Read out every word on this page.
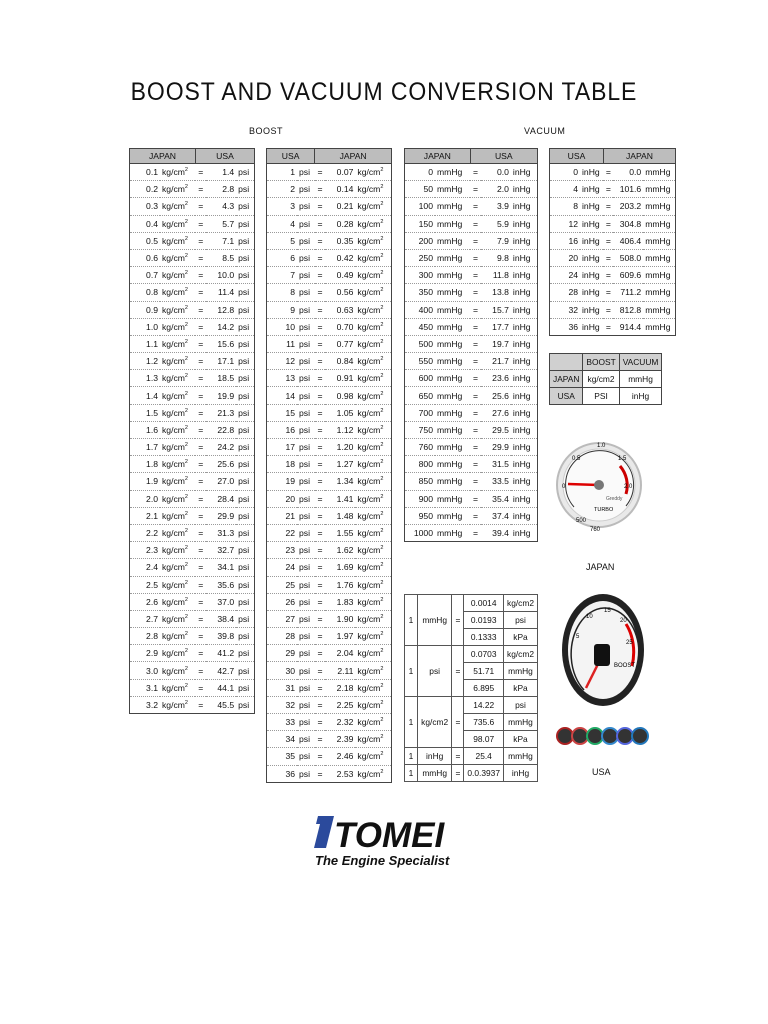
BOOST AND VACUUM CONVERSION TABLE
BOOST	VACUUM
JAPAN		USA		
0.1	$kg/cm^2$	=	1.4	psi
0.2	$kg/cm^2$	=	2.8	psi
0.3	$kg/cm^2$	=	4.3	psi
0.4	$kg/cm^2$	=	5.7	psi
0.5	$kg/cm^2$	=	7.1	psi
0.6	$kg/cm^2$	=	8.5	psi
0.7	$kg/cm^2$	=	10.0	psi
0.8	$kg/cm^2$	=	11.4	psi
0.9	$kg/cm^2$	=	12.8	psi
1.0	$kg/cm^2$	=	14.2	psi
1.1	$kg/cm^2$	=	15.6	psi
1.2	$kg/cm^2$	=	17.1	psi
1.3	$kg/cm^2$	=	18.5	psi
1.4	$kg/cm^2$	=	19.9	psi
1.5	$kg/cm^2$	=	21.3	psi
1.6	$kg/cm^2$	=	22.8	psi
1.7	$kg/cm^2$	=	24.2	psi
1.8	$kg/cm^2$	=	25.6	psi
1.9	$kg/cm^2$	=	27.0	psi
2.0	$kg/cm^2$	=	28.4	psi
2.1	$kg/cm^2$	=	29.9	psi
2.2	$kg/cm^2$	=	31.3	psi
2.3	$kg/cm^2$	=	32.7	psi
2.4	$kg/cm^2$	=	34.1	psi
2.5	$kg/cm^2$	=	35.6	psi
2.6	$kg/cm^2$	=	37.0	psi
2.7	$kg/cm^2$	=	38.4	psi
2.8	$kg/cm^2$	=	39.8	psi
2.9	$kg/cm^2$	=	41.2	psi
3.0	$kg/cm^2$	=	42.7	psi
3.1	$kg/cm^2$	=	44.1	psi
3.2	$kg/cm^2$	=	45.5	psi
USA		JAPAN		
1	psi	=	0.07	$kg/cm^2$
2	psi	=	0.14	$kg/cm^2$
3	psi	=	0.21	$kg/cm^2$
4	psi	=	0.28	$kg/cm^2$
5	psi	=	0.35	$kg/cm^2$
6	psi	=	0.42	$kg/cm^2$
7	psi	=	0.49	$kg/cm^2$
8	psi	=	0.56	$kg/cm^2$
9	psi	=	0.63	$kg/cm^2$
10	psi	=	0.70	$kg/cm^2$
11	psi	=	0.77	$kg/cm^2$
12	psi	=	0.84	$kg/cm^2$
13	psi	=	0.91	$kg/cm^2$
14	psi	=	0.98	$kg/cm^2$
15	psi	=	1.05	$kg/cm^2$
16	psi	=	1.12	$kg/cm^2$
17	psi	=	1.20	$kg/cm^2$
18	psi	=	1.27	$kg/cm^2$
19	psi	=	1.34	$kg/cm^2$
20	psi	=	1.41	$kg/cm^2$
21	psi	=	1.48	$kg/cm^2$
22	psi	=	1.55	$kg/cm^2$
23	psi	=	1.62	$kg/cm^2$
24	psi	=	1.69	$kg/cm^2$
25	psi	=	1.76	$kg/cm^2$
26	psi	=	1.83	$kg/cm^2$
27	psi	=	1.90	$kg/cm^2$
28	psi	=	1.97	$kg/cm^2$
29	psi	=	2.04	$kg/cm^2$
30	psi	=	2.11	$kg/cm^2$
31	psi	=	2.18	$kg/cm^2$
32	psi	=	2.25	$kg/cm^2$
33	psi	=	2.32	$kg/cm^2$
34	psi	=	2.39	$kg/cm^2$
35	psi	=	2.46	$kg/cm^2$
36	psi	=	2.53	$kg/cm^2$
JAPAN		USA		
0	mmHg	=	0.0	inHg
50	mmHg	=	2.0	inHg
100	mmHg	=	3.9	inHg
150	mmHg	=	5.9	inHg
200	mmHg	=	7.9	inHg
250	mmHg	=	9.8	inHg
300	mmHg	=	11.8	inHg
350	mmHg	=	13.8	inHg
400	mmHg	=	15.7	inHg
450	mmHg	=	17.7	inHg
500	mmHg	=	19.7	inHg
550	mmHg	=	21.7	inHg
600	mmHg	=	23.6	inHg
650	mmHg	=	25.6	inHg
700	mmHg	=	27.6	inHg
750	mmHg	=	29.5	inHg
760	mmHg	=	29.9	inHg
800	mmHg	=	31.5	inHg
850	mmHg	=	33.5	inHg
900	mmHg	=	35.4	inHg
950	mmHg	=	37.4	inHg
1000	mmHg	=	39.4	inHg
USA		JAPAN		
0	inHg	=	0.0	mmHg
4	inHg	=	101.6	mmHg
8	inHg	=	203.2	mmHg
12	inHg	=	304.8	mmHg
16	inHg	=	406.4	mmHg
20	inHg	=	508.0	mmHg
24	inHg	=	609.6	mmHg
28	inHg	=	711.2	mmHg
32	inHg	=	812.8	mmHg
36	inHg	=	914.4	mmHg
	BOOST	VACUUM
JAPAN	kg/cm2	mmHg
USA	PSI	inHg
1	mmHg	=	0.0014	kg/cm2
			0.0193	psi
			0.1333	kPa
1	psi	=	0.0703	kg/cm2
			51.71	mmHg
			6.895	kPa
1	kg/cm2	=	14.22	psi
			735.6	mmHg
			98.07	kPa
1	inHg	=	25.4	mmHg
1	mmHg	=	0.0.3937	inHg
1.0
0.5	1.5
2.0
0
500
760
TURBO
Greddy
JAPAN
BOOST
5
10
15
20
25
USA
TOMEI
The Engine Specialist
